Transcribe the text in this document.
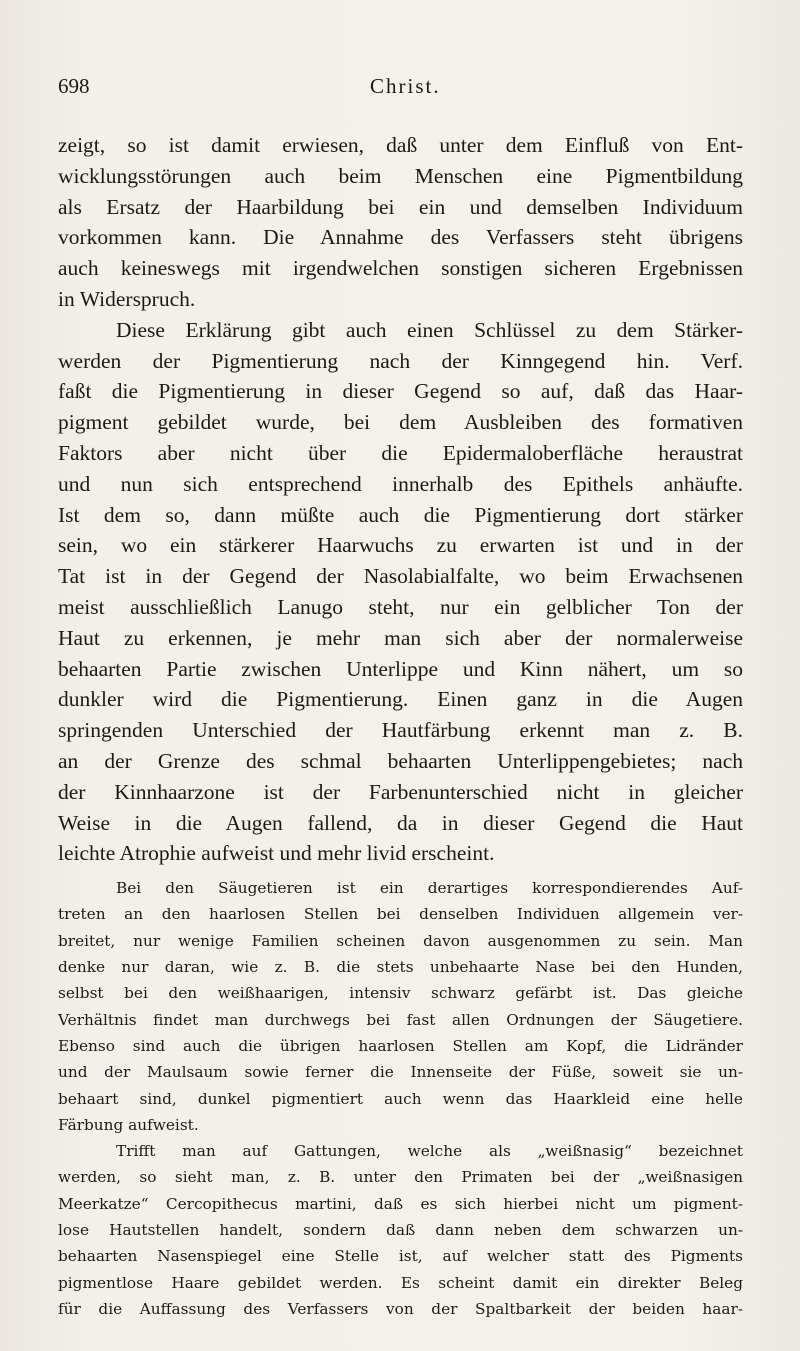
698	Christ.
zeigt, so ist damit erwiesen, daß unter dem Einfluß von Ent-
wicklungsstörungen auch beim Menschen eine Pigmentbildung
als Ersatz der Haarbildung bei ein und demselben Individuum
vorkommen kann. Die Annahme des Verfassers steht übrigens
auch keineswegs mit irgendwelchen sonstigen sicheren Ergebnissen
in Widerspruch.
Diese Erklärung gibt auch einen Schlüssel zu dem Stärker-
werden der Pigmentierung nach der Kinngegend hin. Verf.
faßt die Pigmentierung in dieser Gegend so auf, daß das Haar-
pigment gebildet wurde, bei dem Ausbleiben des formativen
Faktors aber nicht über die Epidermaloberfläche heraustrat
und nun sich entsprechend innerhalb des Epithels anhäufte.
Ist dem so, dann müßte auch die Pigmentierung dort stärker
sein, wo ein stärkerer Haarwuchs zu erwarten ist und in der
Tat ist in der Gegend der Nasolabialfalte, wo beim Erwachsenen
meist ausschließlich Lanugo steht, nur ein gelblicher Ton der
Haut zu erkennen, je mehr man sich aber der normalerweise
behaarten Partie zwischen Unterlippe und Kinn nähert, um so
dunkler wird die Pigmentierung. Einen ganz in die Augen
springenden Unterschied der Hautfärbung erkennt man z. B.
an der Grenze des schmal behaarten Unterlippengebietes; nach
der Kinnhaarzone ist der Farbenunterschied nicht in gleicher
Weise in die Augen fallend, da in dieser Gegend die Haut
leichte Atrophie aufweist und mehr livid erscheint.
Bei den Säugetieren ist ein derartiges korrespondierendes Auf-
treten an den haarlosen Stellen bei denselben Individuen allgemein ver-
breitet, nur wenige Familien scheinen davon ausgenommen zu sein. Man
denke nur daran, wie z. B. die stets unbehaarte Nase bei den Hunden,
selbst bei den weißhaarigen, intensiv schwarz gefärbt ist. Das gleiche
Verhältnis findet man durchwegs bei fast allen Ordnungen der Säugetiere.
Ebenso sind auch die übrigen haarlosen Stellen am Kopf, die Lidränder
und der Maulsaum sowie ferner die Innenseite der Füße, soweit sie un-
behaart sind, dunkel pigmentiert auch wenn das Haarkleid eine helle
Färbung aufweist.
Trifft man auf Gattungen, welche als „weißnasig“ bezeichnet
werden, so sieht man, z. B. unter den Primaten bei der „weißnasigen
Meerkatze“ Cercopithecus martini, daß es sich hierbei nicht um pigment-
lose Hautstellen handelt, sondern daß dann neben dem schwarzen un-
behaarten Nasenspiegel eine Stelle ist, auf welcher statt des Pigments
pigmentlose Haare gebildet werden. Es scheint damit ein direkter Beleg
für die Auffassung des Verfassers von der Spaltbarkeit der beiden haar-
